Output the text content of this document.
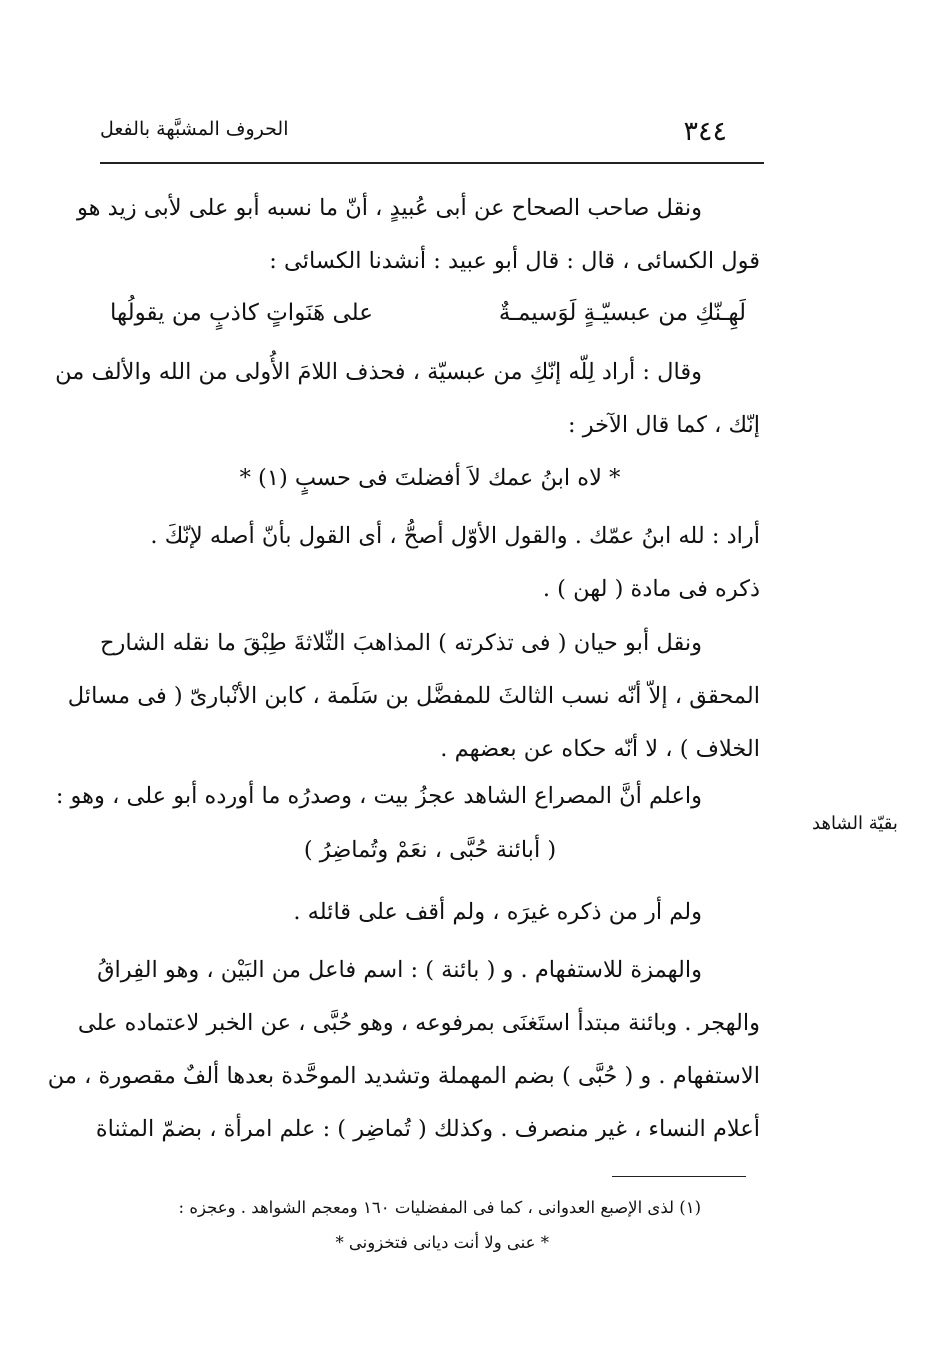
الحروف المشبَّهة بالفعل	٣٤٤
بقيّة الشاهد
ونقل صاحب الصحاح عن أبى عُبيدٍ ، أنّ ما نسبه أبو على لأبى زيد هو
قول الكسائى ، قال : قال أبو عبيد : أنشدنا الكسائى :
لَهِـنّكِ من عبسيّـةٍ لَوَسيمـةٌ
على هَنَواتٍ كاذبٍ من يقولُها
وقال : أراد لِلّه إنّكِ من عبسيّة ، فحذف اللامَ الأُولى من الله والألف من
إنّك ، كما قال الآخر :
* لاه ابنُ عمك لاَ أفضلتَ فى حسبٍ (١) *
أراد : لله ابنُ عمّك . والقول الأوّل أصحُّ ، أى القول بأنّ أصله لإنّكَ .
ذكره فى مادة ( لهن ) .
ونقل أبو حيان ( فى تذكرته ) المذاهبَ الثّلاثةَ طِبْقَ ما نقله الشارح
المحقق ، إلاّ أنّه نسب الثالثَ للمفضَّل بن سَلَمة ، كابن الأنْبارىّ ( فى مسائل
الخلاف ) ، لا أنّه حكاه عن بعضهم .
واعلم أنَّ المصراع الشاهد عجزُ بيت ، وصدرُه ما أورده أبو على ، وهو :
( أبائنة حُبَّى ، نعَمْ وتُماضِرُ )
ولم أر من ذكره غيرَه ، ولم أقف على قائله .
والهمزة للاستفهام . و ( بائنة ) : اسم فاعل من البَيْن ، وهو الفِراقُ
والهجر . وبائنة مبتدأ استَغنَى بمرفوعه ، وهو حُبَّى ، عن الخبر لاعتماده على
الاستفهام . و ( حُبَّى ) بضم المهملة وتشديد الموحَّدة بعدها ألفٌ مقصورة ، من
أعلام النساء ، غير منصرف . وكذلك ( تُماضِر ) : علم امرأة ، بضمّ المثناة
(١) لذى الإصبع العدوانى ، كما فى المفضليات ١٦٠ ومعجم الشواهد . وعجزه :
* عنى ولا أنت ديانى فتخزونى *
